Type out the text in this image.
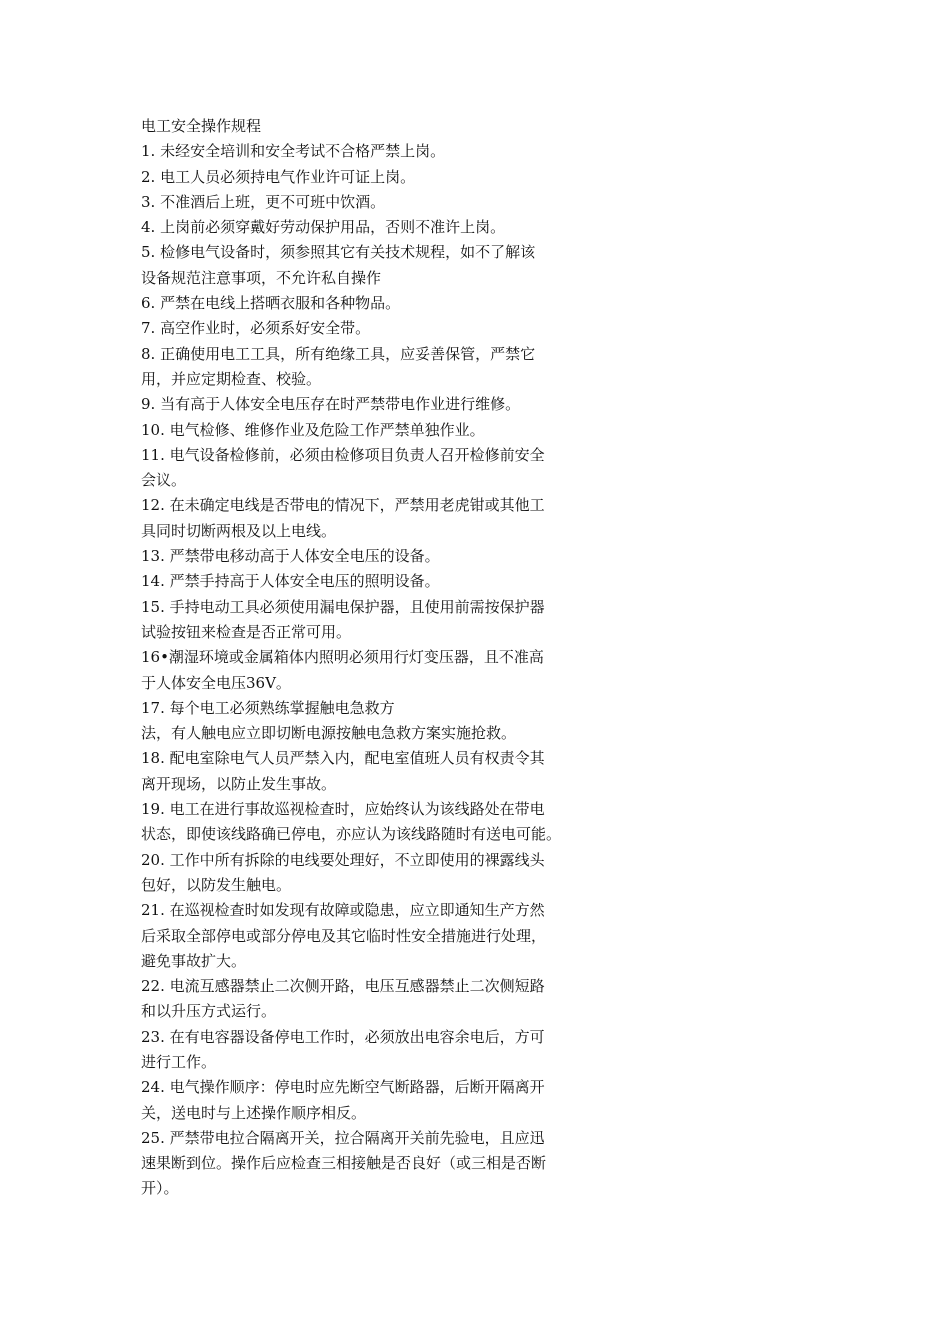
电工安全操作规程
1. 未经安全培训和安全考试不合格严禁上岗。
2. 电工人员必须持电气作业许可证上岗。
3. 不准酒后上班，更不可班中饮酒。
4. 上岗前必须穿戴好劳动保护用品，否则不准许上岗。
5. 检修电气设备时，须参照其它有关技术规程，如不了解该
设备规范注意事项，不允许私自操作
6. 严禁在电线上搭晒衣服和各种物品。
7. 高空作业时，必须系好安全带。
8. 正确使用电工工具，所有绝缘工具，应妥善保管，严禁它
用，并应定期检查、校验。
9. 当有高于人体安全电压存在时严禁带电作业进行维修。
10. 电气检修、维修作业及危险工作严禁单独作业。
11. 电气设备检修前，必须由检修项目负责人召开检修前安全
会议。
12. 在未确定电线是否带电的情况下，严禁用老虎钳或其他工
具同时切断两根及以上电线。
13. 严禁带电移动高于人体安全电压的设备。
14. 严禁手持高于人体安全电压的照明设备。
15. 手持电动工具必须使用漏电保护器，且使用前需按保护器
试验按钮来检查是否正常可用。
16•潮湿环境或金属箱体内照明必须用行灯变压器，且不准高
于人体安全电压36V。
17. 每个电工必须熟练掌握触电急救方
法，有人触电应立即切断电源按触电急救方案实施抢救。
18. 配电室除电气人员严禁入内，配电室值班人员有权责令其
离开现场，以防止发生事故。
19. 电工在进行事故巡视检查时，应始终认为该线路处在带电
状态，即使该线路确已停电，亦应认为该线路随时有送电可能。
20. 工作中所有拆除的电线要处理好，不立即使用的裸露线头
包好，以防发生触电。
21. 在巡视检查时如发现有故障或隐患，应立即通知生产方然
后采取全部停电或部分停电及其它临时性安全措施进行处理，
避免事故扩大。
22. 电流互感器禁止二次侧开路，电压互感器禁止二次侧短路
和以升压方式运行。
23. 在有电容器设备停电工作时，必须放出电容余电后，方可
进行工作。
24. 电气操作顺序：停电时应先断空气断路器，后断开隔离开
关，送电时与上述操作顺序相反。
25. 严禁带电拉合隔离开关，拉合隔离开关前先验电，且应迅
速果断到位。操作后应检查三相接触是否良好（或三相是否断
开）。
